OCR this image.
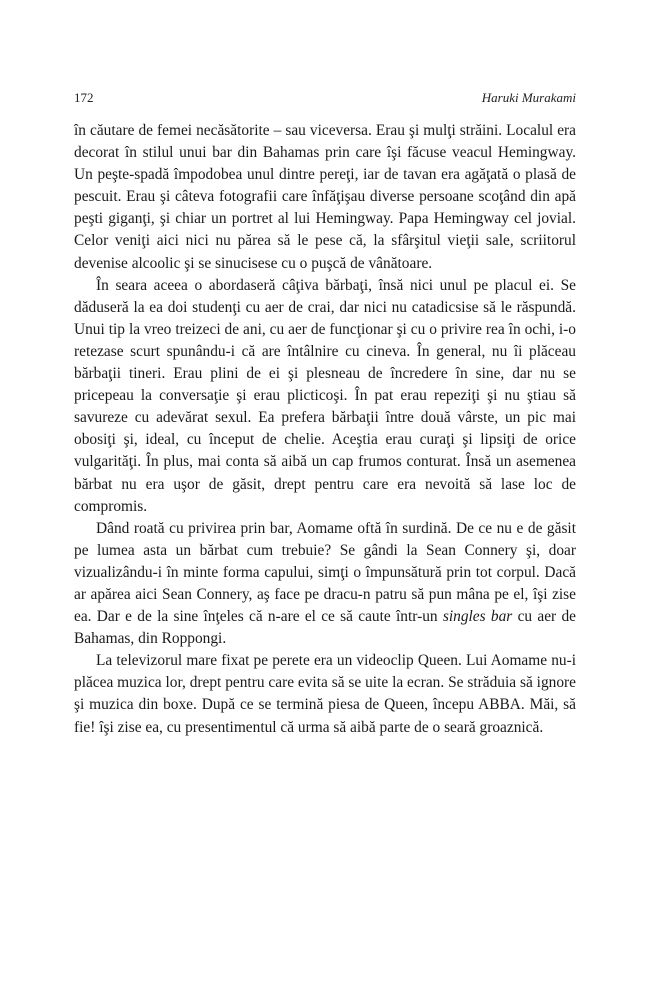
172	Haruki Murakami

în căutare de femei necăsătorite – sau viceversa. Erau şi mulţi străini. Localul era decorat în stilul unui bar din Bahamas prin care îşi făcuse veacul Hemingway. Un peşte-spadă împodobea unul dintre pereţi, iar de tavan era agăţată o plasă de pescuit. Erau şi câteva fotografii care înfăţişau diverse persoane scoţând din apă peşti giganţi, şi chiar un portret al lui Hemingway. Papa Hemingway cel jovial. Celor veniţi aici nici nu părea să le pese că, la sfârşitul vieţii sale, scriitorul devenise alcoolic şi se sinucisese cu o puşcă de vânătoare.

În seara aceea o abordaseră câţiva bărbaţi, însă nici unul pe placul ei. Se dăduseră la ea doi studenţi cu aer de crai, dar nici nu catadicsise să le răspundă. Unui tip la vreo treizeci de ani, cu aer de funcţionar şi cu o privire rea în ochi, i-o retezase scurt spunându-i că are întâlnire cu cineva. În general, nu îi plăceau bărbaţii tineri. Erau plini de ei şi plesneau de încredere în sine, dar nu se pricepeau la conversaţie şi erau plicticoşi. În pat erau repeziţi şi nu ştiau să savureze cu adevărat sexul. Ea prefera bărbaţii între două vârste, un pic mai obosiţi şi, ideal, cu început de chelie. Aceştia erau curaţi şi lipsiţi de orice vulgarităţi. În plus, mai conta să aibă un cap frumos conturat. Însă un asemenea bărbat nu era uşor de găsit, drept pentru care era nevoită să lase loc de compromis.

Dând roată cu privirea prin bar, Aomame oftă în surdină. De ce nu e de găsit pe lumea asta un bărbat cum trebuie? Se gândi la Sean Connery şi, doar vizualizându-i în minte forma capului, simţi o împunsătură prin tot corpul. Dacă ar apărea aici Sean Connery, aş face pe dracu-n patru să pun mâna pe el, îşi zise ea. Dar e de la sine înţeles că n-are el ce să caute într-un singles bar cu aer de Bahamas, din Roppongi.

La televizorul mare fixat pe perete era un videoclip Queen. Lui Aomame nu-i plăcea muzica lor, drept pentru care evita să se uite la ecran. Se străduia să ignore şi muzica din boxe. După ce se termină piesa de Queen, începu ABBA. Măi, să fie! îşi zise ea, cu presentimentul că urma să aibă parte de o seară groaznică.
